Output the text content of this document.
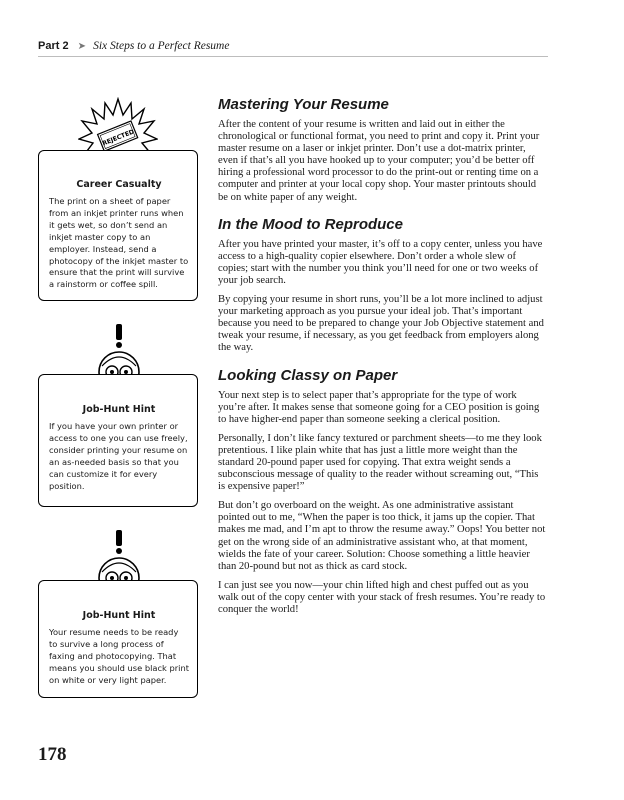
Part 2 ➤ Six Steps to a Perfect Resume
REJECTED
Career Casualty

The print on a sheet of paper from an inkjet printer runs when it gets wet, so don’t send an inkjet master copy to an employer. Instead, send a photocopy of the inkjet master to ensure that the print will survive a rainstorm or coffee spill.

Job-Hunt Hint

If you have your own printer or access to one you can use freely, consider printing your resume on an as-needed basis so that you can customize it for every position.

Job-Hunt Hint

Your resume needs to be ready to survive a long process of faxing and photocopying. That means you should use black print on white or very light paper.

Mastering Your Resume

After the content of your resume is written and laid out in either the chronological or functional format, you need to print and copy it. Print your master resume on a laser or inkjet printer. Don’t use a dot-matrix printer, even if that’s all you have hooked up to your computer; you’d be better off hiring a professional word processor to do the print-out or renting time on a computer and printer at your local copy shop. Your master printouts should be on white paper of any weight.

In the Mood to Reproduce

After you have printed your master, it’s off to a copy center, unless you have access to a high-quality copier elsewhere. Don’t order a whole slew of copies; start with the number you think you’ll need for one or two weeks of your job search.

By copying your resume in short runs, you’ll be a lot more inclined to adjust your marketing approach as you pursue your ideal job. That’s important because you need to be prepared to change your Job Objective statement and tweak your resume, if necessary, as you get feedback from employers along the way.

Looking Classy on Paper

Your next step is to select paper that’s appropriate for the type of work you’re after. It makes sense that someone going for a CEO position is going to have higher-end paper than someone seeking a clerical position.

Personally, I don’t like fancy textured or parchment sheets—to me they look pretentious. I like plain white that has just a little more weight than the standard 20-pound paper used for copying. That extra weight sends a subconscious message of quality to the reader without screaming out, “This is expensive paper!”

But don’t go overboard on the weight. As one administrative assistant pointed out to me, “When the paper is too thick, it jams up the copier. That makes me mad, and I’m apt to throw the resume away.” Oops! You better not get on the wrong side of an administrative assistant who, at that moment, wields the fate of your career. Solution: Choose something a little heavier than 20-pound but not as thick as card stock.

I can just see you now—your chin lifted high and chest puffed out as you walk out of the copy center with your stack of fresh resumes. You’re ready to conquer the world!

178
